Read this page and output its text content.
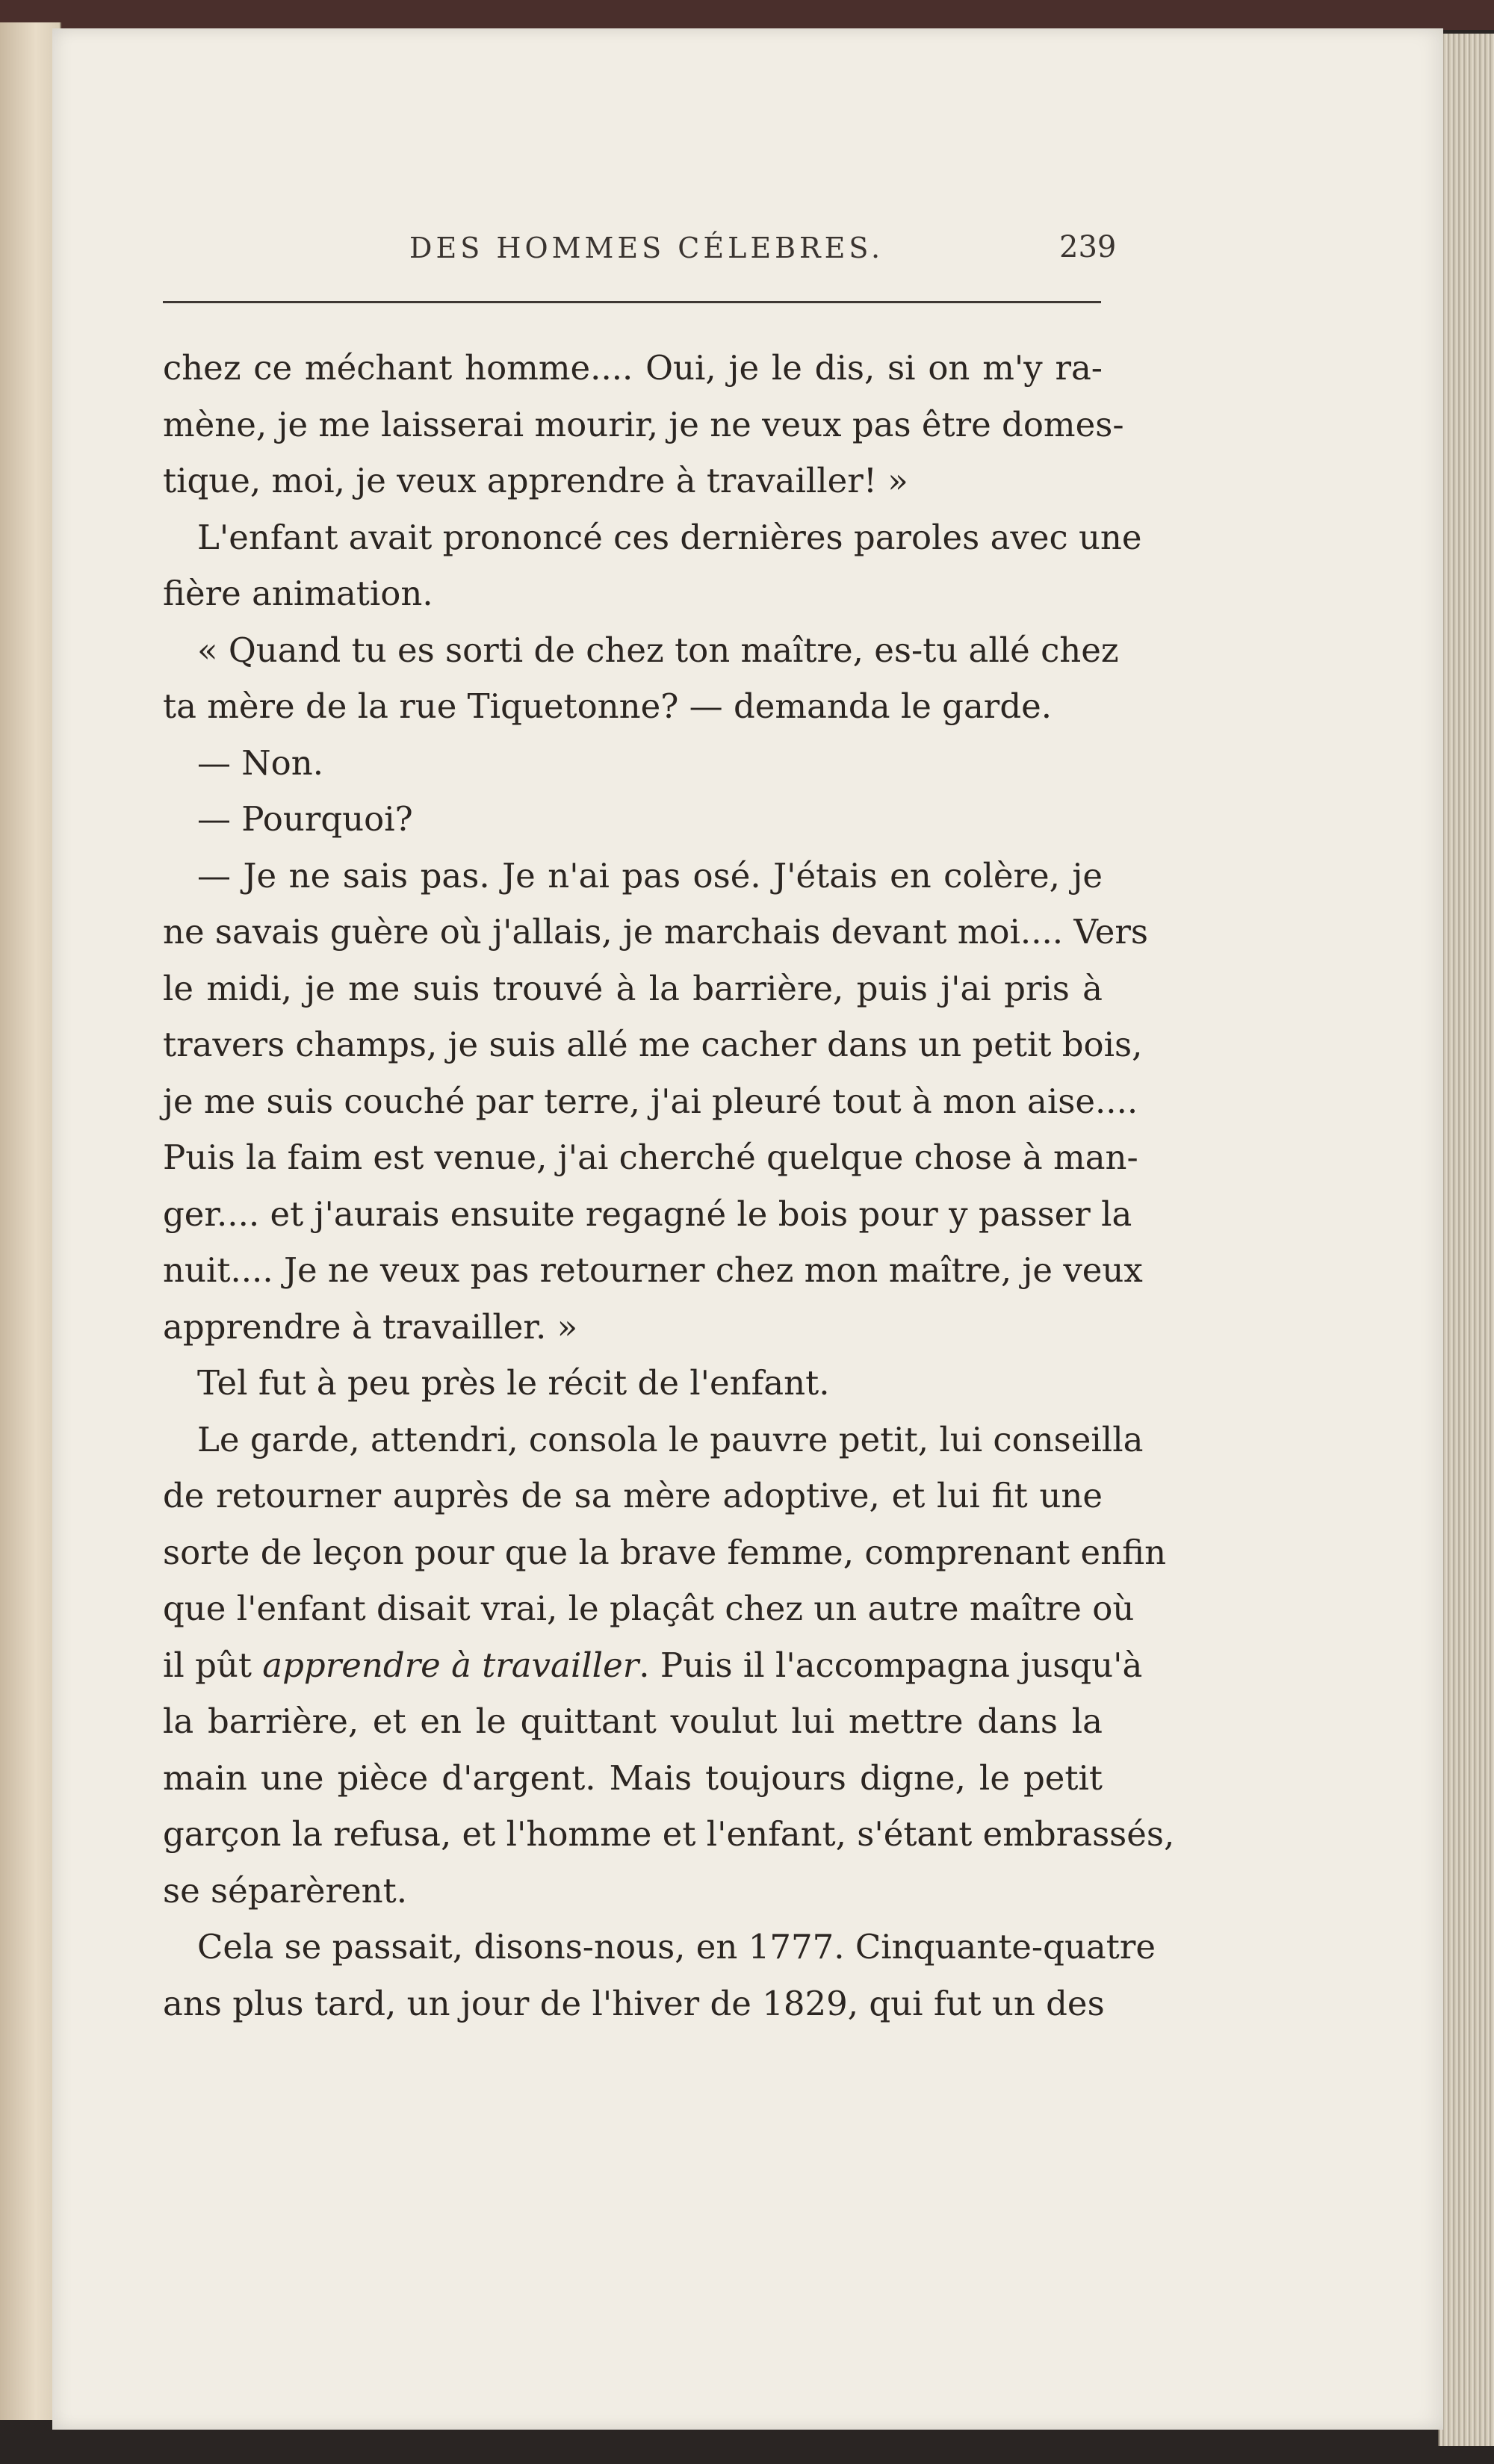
DES HOMMES CÉLEBRES.	239
chez ce méchant homme.... Oui, je le dis, si on m'y ra-
mène, je me laisserai mourir, je ne veux pas être domes-
tique, moi, je veux apprendre à travailler! »
L'enfant avait prononcé ces dernières paroles avec une
fière animation.
« Quand tu es sorti de chez ton maître, es-tu allé chez
ta mère de la rue Tiquetonne? — demanda le garde.
— Non.
— Pourquoi?
— Je ne sais pas. Je n'ai pas osé. J'étais en colère, je
ne savais guère où j'allais, je marchais devant moi.... Vers
le midi, je me suis trouvé à la barrière, puis j'ai pris à
travers champs, je suis allé me cacher dans un petit bois,
je me suis couché par terre, j'ai pleuré tout à mon aise....
Puis la faim est venue, j'ai cherché quelque chose à man-
ger.... et j'aurais ensuite regagné le bois pour y passer la
nuit.... Je ne veux pas retourner chez mon maître, je veux
apprendre à travailler. »
Tel fut à peu près le récit de l'enfant.
Le garde, attendri, consola le pauvre petit, lui conseilla
de retourner auprès de sa mère adoptive, et lui fit une
sorte de leçon pour que la brave femme, comprenant enfin
que l'enfant disait vrai, le plaçât chez un autre maître où
il pût apprendre à travailler. Puis il l'accompagna jusqu'à
la barrière, et en le quittant voulut lui mettre dans la
main une pièce d'argent. Mais toujours digne, le petit
garçon la refusa, et l'homme et l'enfant, s'étant embrassés,
se séparèrent.
Cela se passait, disons-nous, en 1777. Cinquante-quatre
ans plus tard, un jour de l'hiver de 1829, qui fut un des
